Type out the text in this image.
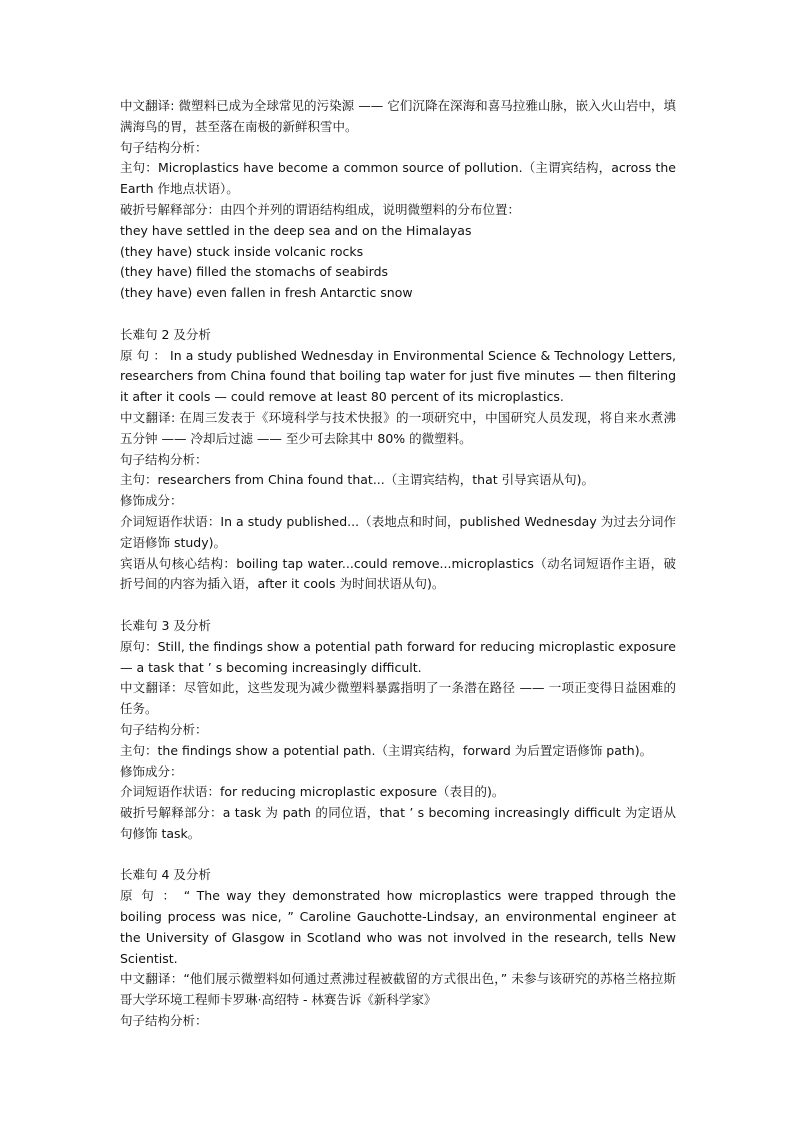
中文翻译: 微塑料已成为全球常见的污染源 —— 它们沉降在深海和喜马拉雅山脉，嵌入火山岩中，填满海鸟的胃，甚至落在南极的新鲜积雪中。

句子结构分析：

主句：Microplastics have become a common source of pollution.（主谓宾结构，across the Earth 作地点状语）。

破折号解释部分：由四个并列的谓语结构组成，说明微塑料的分布位置：

they have settled in the deep sea and on the Himalayas

(they have) stuck inside volcanic rocks

(they have) filled the stomachs of seabirds

(they have) even fallen in fresh Antarctic snow

长难句 2 及分析

原 句 ： In a study published Wednesday in Environmental Science & Technology Letters, researchers from China found that boiling tap water for just five minutes — then filtering it after it cools — could remove at least 80 percent of its microplastics.

中文翻译: 在周三发表于《环境科学与技术快报》的一项研究中，中国研究人员发现，将自来水煮沸五分钟 —— 冷却后过滤 —— 至少可去除其中 80% 的微塑料。

句子结构分析：

主句：researchers from China found that...（主谓宾结构，that 引导宾语从句)。

修饰成分：

介词短语作状语：In a study published...（表地点和时间，published Wednesday 为过去分词作定语修饰 study)。

宾语从句核心结构：boiling tap water...could remove...microplastics（动名词短语作主语，破折号间的内容为插入语，after it cools 为时间状语从句)。

长难句 3 及分析

原句：Still, the findings show a potential path forward for reducing microplastic exposure — a task that ’ s becoming increasingly difficult.

中文翻译：尽管如此，这些发现为减少微塑料暴露指明了一条潜在路径 —— 一项正变得日益困难的任务。

句子结构分析：

主句：the findings show a potential path.（主谓宾结构，forward 为后置定语修饰 path)。

修饰成分：

介词短语作状语：for reducing microplastic exposure（表目的)。

破折号解释部分：a task 为 path 的同位语，that ’ s becoming increasingly difficult 为定语从句修饰 task。

长难句 4 及分析

原 句 ： “ The way they demonstrated how microplastics were trapped through the boiling process was nice, ” Caroline Gauchotte-Lindsay, an environmental engineer at the University of Glasgow in Scotland who was not involved in the research, tells New Scientist.

中文翻译：“他们展示微塑料如何通过煮沸过程被截留的方式很出色，” 未参与该研究的苏格兰格拉斯哥大学环境工程师卡罗琳·高绍特 - 林赛告诉《新科学家》

句子结构分析：
